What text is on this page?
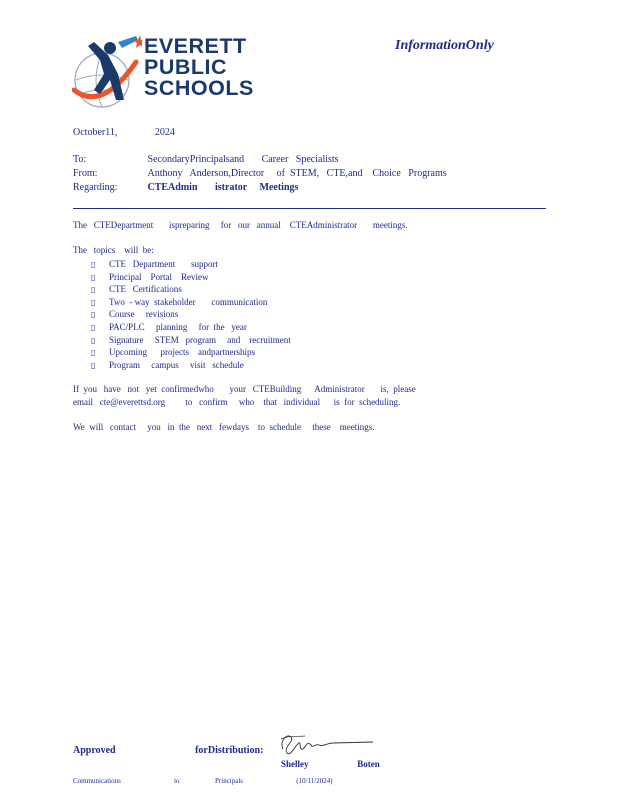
EVERETT
PUBLIC
SCHOOLS
InformationOnly
October11,   2024
To:	SecondaryPrincipalsand       Career   Specialists
From:	Anthony   Anderson,Director     of  STEM,   CTE,and    Choice   Programs
Regarding:	CTEAdmin       istrator     Meetings
The   CTEDepartment       ispreparing     for   our   annual    CTEAdministrator       meetings.
The   topics    will  be:
▯ CTE   Department       support
▯ Principal    Portal    Review
▯ CTE   Certifications
▯ Two  - way  stakeholder       communication
▯ Course     revisions
▯ PAC/PLC     planning     for  the   year
▯ Signature     STEM   program     and    recruitment
▯ Upcoming      projects    andpartnerships
▯ Program     campus     visit   schedule
If  you   have   not   yet  confirmedwho       your   CTEBuilding      Administrator       is,  please
email   cte@everettsd.org         to   confirm     who    that   individual      is  for  scheduling.
We  will   contact     you   in  the   next   fewdays    to  schedule     these    meetings.
Approved   forDistribution:
Shelley   Boten
Communications   to  Principals   (10/11/2024)
